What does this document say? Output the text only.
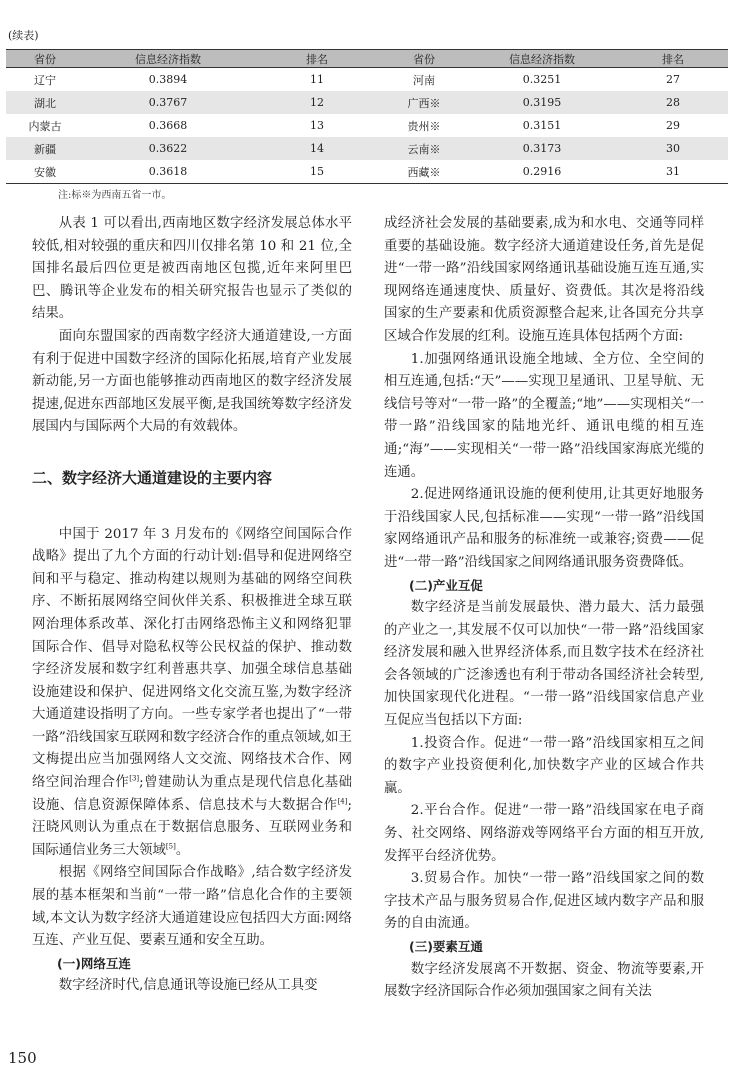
(续表)
省份	信息经济指数	排名	省份	信息经济指数	排名
辽宁	0.3894	11	河南	0.3251	27
湖北	0.3767	12	广西※	0.3195	28
内蒙古	0.3668	13	贵州※	0.3151	29
新疆	0.3622	14	云南※	0.3173	30
安徽	0.3618	15	西藏※	0.2916	31
注:标※为西南五省一市。

从表 1 可以看出,西南地区数字经济发展总体水平较低,相对较强的重庆和四川仅排名第 10 和 21 位,全国排名最后四位更是被西南地区包揽,近年来阿里巴巴、腾讯等企业发布的相关研究报告也显示了类似的结果。

面向东盟国家的西南数字经济大通道建设,一方面有利于促进中国数字经济的国际化拓展,培育产业发展新动能,另一方面也能够推动西南地区的数字经济发展提速,促进东西部地区发展平衡,是我国统筹数字经济发展国内与国际两个大局的有效载体。

二、数字经济大通道建设的主要内容

中国于 2017 年 3 月发布的《网络空间国际合作战略》提出了九个方面的行动计划:倡导和促进网络空间和平与稳定、推动构建以规则为基础的网络空间秩序、不断拓展网络空间伙伴关系、积极推进全球互联网治理体系改革、深化打击网络恐怖主义和网络犯罪国际合作、倡导对隐私权等公民权益的保护、推动数字经济发展和数字红利普惠共享、加强全球信息基础设施建设和保护、促进网络文化交流互鉴,为数字经济大通道建设指明了方向。一些专家学者也提出了“一带一路”沿线国家互联网和数字经济合作的重点领域,如王文梅提出应当加强网络人文交流、网络技术合作、网络空间治理合作[3];曾建勋认为重点是现代信息化基础设施、信息资源保障体系、信息技术与大数据合作[4];汪晓风则认为重点在于数据信息服务、互联网业务和国际通信业务三大领域[5]。

根据《网络空间国际合作战略》,结合数字经济发展的基本框架和当前“一带一路”信息化合作的主要领域,本文认为数字经济大通道建设应包括四大方面:网络互连、产业互促、要素互通和安全互助。

(一)网络互连

数字经济时代,信息通讯等设施已经从工具变

成经济社会发展的基础要素,成为和水电、交通等同样重要的基础设施。数字经济大通道建设任务,首先是促进“一带一路”沿线国家网络通讯基础设施互连互通,实现网络连通速度快、质量好、资费低。其次是将沿线国家的生产要素和优质资源整合起来,让各国充分共享区域合作发展的红利。设施互连具体包括两个方面:

1.加强网络通讯设施全地域、全方位、全空间的相互连通,包括:“天”——实现卫星通讯、卫星导航、无线信号等对“一带一路”的全覆盖;“地”——实现相关“一带一路”沿线国家的陆地光纤、通讯电缆的相互连通;“海”——实现相关“一带一路”沿线国家海底光缆的连通。

2.促进网络通讯设施的便利使用,让其更好地服务于沿线国家人民,包括标准——实现“一带一路”沿线国家网络通讯产品和服务的标准统一或兼容;资费——促进“一带一路”沿线国家之间网络通讯服务资费降低。

(二)产业互促

数字经济是当前发展最快、潜力最大、活力最强的产业之一,其发展不仅可以加快“一带一路”沿线国家经济发展和融入世界经济体系,而且数字技术在经济社会各领域的广泛渗透也有利于带动各国经济社会转型,加快国家现代化进程。“一带一路”沿线国家信息产业互促应当包括以下方面:

1.投资合作。促进“一带一路”沿线国家相互之间的数字产业投资便利化,加快数字产业的区域合作共赢。

2.平台合作。促进“一带一路”沿线国家在电子商务、社交网络、网络游戏等网络平台方面的相互开放,发挥平台经济优势。

3.贸易合作。加快“一带一路”沿线国家之间的数字技术产品与服务贸易合作,促进区域内数字产品和服务的自由流通。

(三)要素互通

数字经济发展离不开数据、资金、物流等要素,开展数字经济国际合作必须加强国家之间有关法

150
